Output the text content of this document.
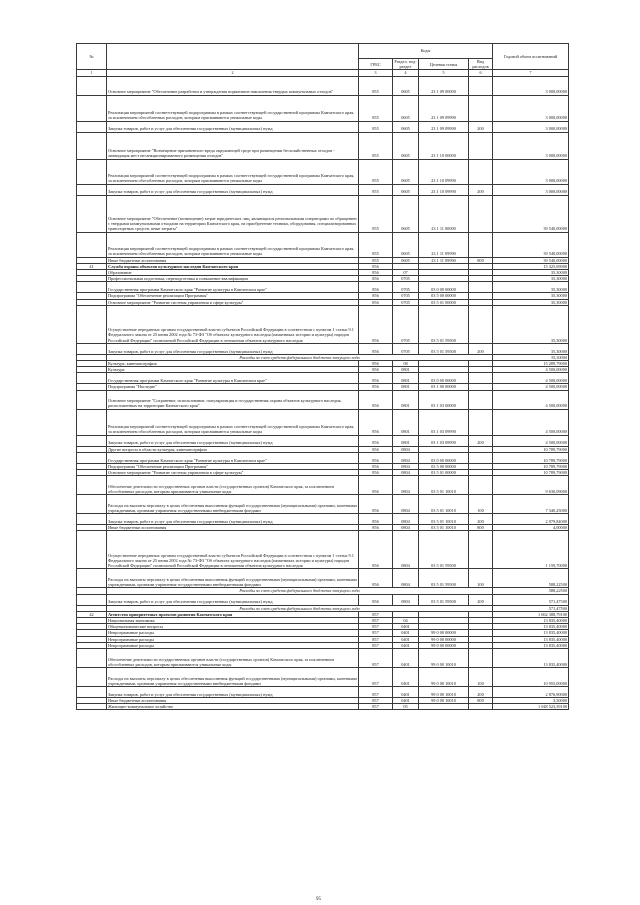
№		Коды				Годовой объем ассигнований
		ГРБС	Раздел, под-раздел	Целевая статья	Вид расходов	
1	2	3	4	5	6	7
	Основное мероприятие "Обеспечение разработки и утверждения нормативов накопления твердых коммунальных отходов"	855	0605	23 1 09 00000		3 000,00000
	Реализация мероприятий соответствующей подпрограммы в рамках соответствующей государственной программы Камчатского края, за исключением обособленных расходов, которым присваиваются уникальные коды	855	0605	23 1 09 09990		3 000,00000
	Закупка товаров, работ и услуг для обеспечения государственных (муниципальных) нужд	855	0605	23 1 09 09990	200	3 000,00000
	Основное мероприятие "Возмещение причиненного вреда окружающей среде при размещении бесхозяйственных отходов - ликвидация мест несанкционированного размещения отходов"	855	0605	23 1 10 00000		3 000,00000
	Реализация мероприятий соответствующей подпрограммы в рамках соответствующей государственной программы Камчатского края, за исключением обособленных расходов, которым присваиваются уникальные коды	855	0605	23 1 10 09990		3 000,00000
	Закупка товаров, работ и услуг для обеспечения государственных (муниципальных) нужд	855	0605	23 1 10 09990	200	3 000,00000
	Основное мероприятие "Обеспечение (возмещение) затрат юридических лиц, являющихся региональными операторами по обращению с твердыми коммунальными отходами на территории Камчатского края, на приобретение техники, оборудования, специализированных транспортных средств, иные затраты"	855	0605	23 1 11 00000		39 540,00000
	Реализация мероприятий соответствующей подпрограммы в рамках соответствующей государственной программы Камчатского края, за исключением обособленных расходов, которым присваиваются уникальные коды	855	0605	23 1 11 09990		39 540,00000
	Иные бюджетные ассигнования	855	0605	23 1 11 09990	800	39 540,00000
41	Служба охраны объектов культурного наследия Камчатского края	856				15 325,69000
	Образование	856	07			35,30000
	Профессиональная подготовка, переподготовка и повышение квалификации	856	0705			35,30000
	Государственная программа Камчатского края "Развитие культуры в Камчатском крае"	856	0705	03 0 00 00000		35,30000
	Подпрограмма "Обеспечение реализации Программы"	856	0705	03 5 00 00000		35,30000
	Основное мероприятие "Развитие системы управления в сфере культуры"	856	0705	03 5 01 00000		35,30000
	Осуществление переданных органам государственной власти субъектов Российской Федерации в соответствии с пунктом 1 статьи 9.1 Федерального закона от 25 июня 2002 года № 73-ФЗ "Об объектах культурного наследия (памятниках истории и культуры) народов Российской Федерации" полномочий Российской Федерации в отношении объектов культурного наследия	856	0705	03 5 01 59500		35,30000
	Закупка товаров, работ и услуг для обеспечения государственных (муниципальных) нужд	856	0705	03 5 01 59500	200	35,30000
	Расходы за счет средств федерального бюджета текущего года					35,30000
	Культура, кинематография	856	08			15 289,79000
	Культура	856	0801			4 500,00000
	Государственная программа Камчатского края "Развитие культуры в Камчатском крае"	856	0801	03 0 00 00000		4 500,00000
	Подпрограмма "Наследие"	856	0801	03 1 00 00000		4 500,00000
	Основное мероприятие "Сохранение, использование, популяризация и государственная охрана объектов культурного наследия, расположенных на территории Камчатского края"	856	0801	03 1 03 00000		4 500,00000
	Реализация мероприятий соответствующей подпрограммы в рамках соответствующей государственной программы Камчатского края, за исключением обособленных расходов, которым присваиваются уникальные коды	856	0801	03 1 03 09990		4 500,00000
	Закупка товаров, работ и услуг для обеспечения государственных (муниципальных) нужд	856	0801	03 1 03 09990	200	4 500,00000
	Другие вопросы в области культуры, кинематографии	856	0804			10 789,79000
	Государственная программа Камчатского края "Развитие культуры в Камчатском крае"	856	0804	03 0 00 00000		10 789,79000
	Подпрограмма "Обеспечение реализации Программы"	856	0804	03 5 00 00000		10 789,79000
	Основное мероприятие "Развитие системы управления в сфере культуры"	856	0804	03 5 01 00000		10 789,79000
	Обеспечение деятельности государственных органов власти (государственных органов) Камчатского края, за исключением обособленных расходов, которым присваиваются уникальные коды	856	0804	03 5 01 10010		9 630,09000
	Расходы на выплаты персоналу в целях обеспечения выполнения функций государственными (муниципальными) органами, казенными учреждениями, органами управления государственными внебюджетными фондами	856	0804	03 5 01 10010	100	7 340,25000
	Закупка товаров, работ и услуг для обеспечения государственных (муниципальных) нужд	856	0804	03 5 01 10010	200	2 079,84000
	Иные бюджетные ассигнования	856	0804	03 5 01 10010	800	4,00000
	Осуществление переданных органам государственной власти субъектов Российской Федерации в соответствии с пунктом 1 статьи 9.1 Федерального закона от 25 июня 2002 года № 73-ФЗ "Об объектах культурного наследия (памятниках истории и культуры) народов Российской Федерации" полномочий Российской Федерации в отношении объектов культурного наследия	856	0804	03 5 01 59500		1 159,70000
	Расходы на выплаты персоналу в целях обеспечения выполнения функций государственными (муниципальными) органами, казенными учреждениями, органами управления государственными внебюджетными фондами	856	0804	03 5 01 59500	100	588,22500
	Расходы за счет средств федерального бюджета текущего года					588,22500
	Закупка товаров, работ и услуг для обеспечения государственных (муниципальных) нужд	856	0804	03 5 01 59500	200	571,47500
	Расходы за счет средств федерального бюджета текущего года					571,47500
42	Агентство приоритетных проектов развития Камчатского края	857				1 062 388,79100
	Национальная экономика	857	04			13 835,40000
	Общеэкономические вопросы	857	0401			13 835,40000
	Непрограммные расходы	857	0401	99 0 00 00000		13 835,40000
	Непрограммные расходы	857	0401	99 0 00 00000		13 835,40000
	Непрограммные расходы	857	0401	99 0 00 00000		13 835,40000
	Обеспечение деятельности государственных органов власти (государственных органов) Камчатского края, за исключением обособленных расходов, которым присваиваются уникальные коды	857	0401	99 0 00 10010		13 835,40000
	Расходы на выплаты персоналу в целях обеспечения выполнения функций государственными (муниципальными) органами, казенными учреждениями, органами управления государственными внебюджетными фондами	857	0401	99 0 00 10010	100	10 955,00000
	Закупка товаров, работ и услуг для обеспечения государственных (муниципальных) нужд	857	0401	99 0 00 10010	200	2 876,90000
	Иные бюджетные ассигнования	857	0401	99 0 00 10010	800	3,50000
	Жилищно-коммунальное хозяйство	857	05			1 048 523,39100
95
